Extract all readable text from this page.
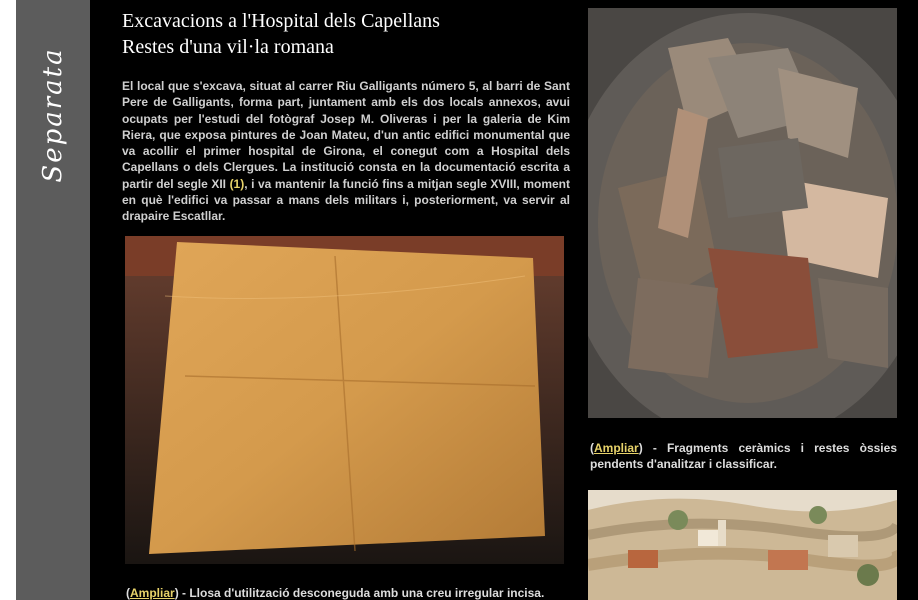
Separata
Excavacions a l'Hospital dels Capellans
Restes d'una vil·la romana
El local que s'excava, situat al carrer Riu Galligants número 5, al barri de Sant Pere de Galligants, forma part, juntament amb els dos locals annexos, avui ocupats per l'estudi del fotògraf Josep M. Oliveras i per la galeria de Kim Riera, que exposa pintures de Joan Mateu, d'un antic edifici monumental que va acollir el primer hospital de Girona, el conegut com a Hospital dels Capellans o dels Clergues. La institució consta en la documentació escrita a partir del segle XII (1), i va mantenir la funció fins a mitjan segle XVIII, moment en què l'edifici va passar a mans dels militars i, posteriorment, va servir al drapaire Escatllar.
(Ampliar) - Llosa d'utilització desconeguda amb una creu irregular incisa.
(Ampliar) - Fragments ceràmics i restes òssies pendents d'analitzar i classificar.
